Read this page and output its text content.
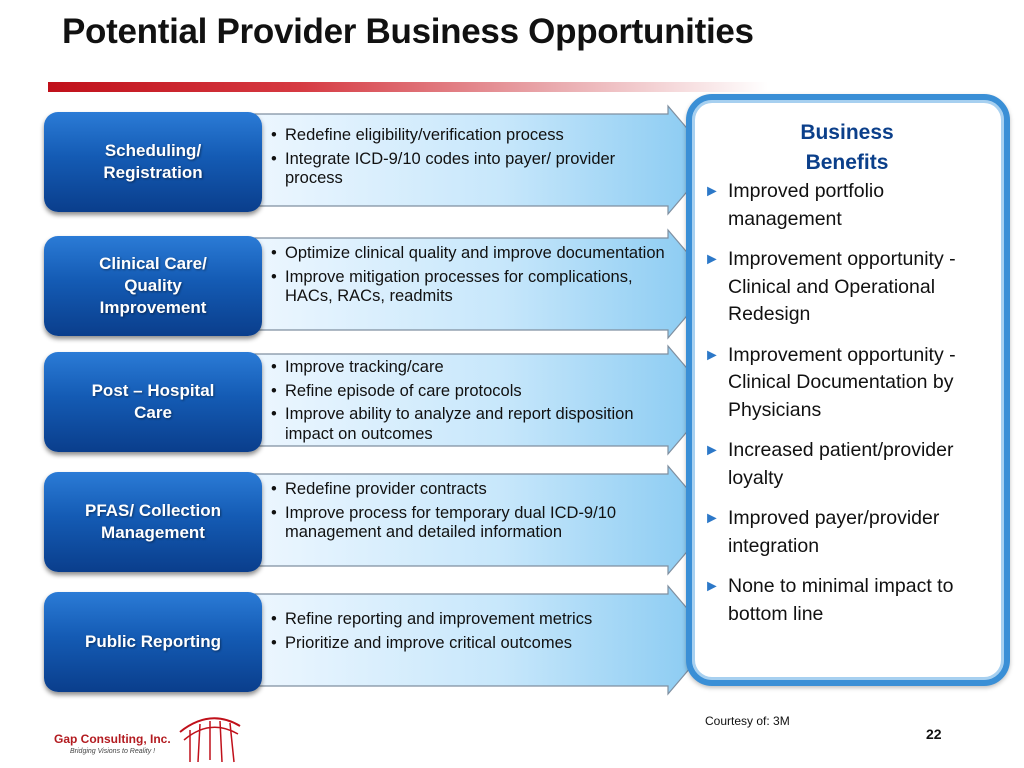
Potential Provider Business Opportunities
Scheduling/
Registration
• Redefine eligibility/verification process
• Integrate ICD-9/10 codes into payer/ provider process
Clinical Care/
Quality
Improvement
• Optimize clinical quality and improve documentation
• Improve mitigation processes for complications, HACs, RACs, readmits
Post – Hospital
Care
• Improve tracking/care
• Refine episode of care protocols
• Improve ability to analyze and report disposition impact on outcomes
PFAS/ Collection
Management
• Redefine provider contracts
• Improve process for temporary dual ICD-9/10 management and detailed information
Public Reporting
• Refine reporting and improvement metrics
• Prioritize and improve critical outcomes
Business
Benefits
► Improved portfolio management
► Improvement opportunity - Clinical and Operational Redesign
► Improvement opportunity - Clinical Documentation by Physicians
► Increased patient/provider loyalty
► Improved payer/provider integration
► None to minimal impact to bottom line
Courtesy of: 3M
22
Gap Consulting, Inc.
Bridging Visions to Reality !
